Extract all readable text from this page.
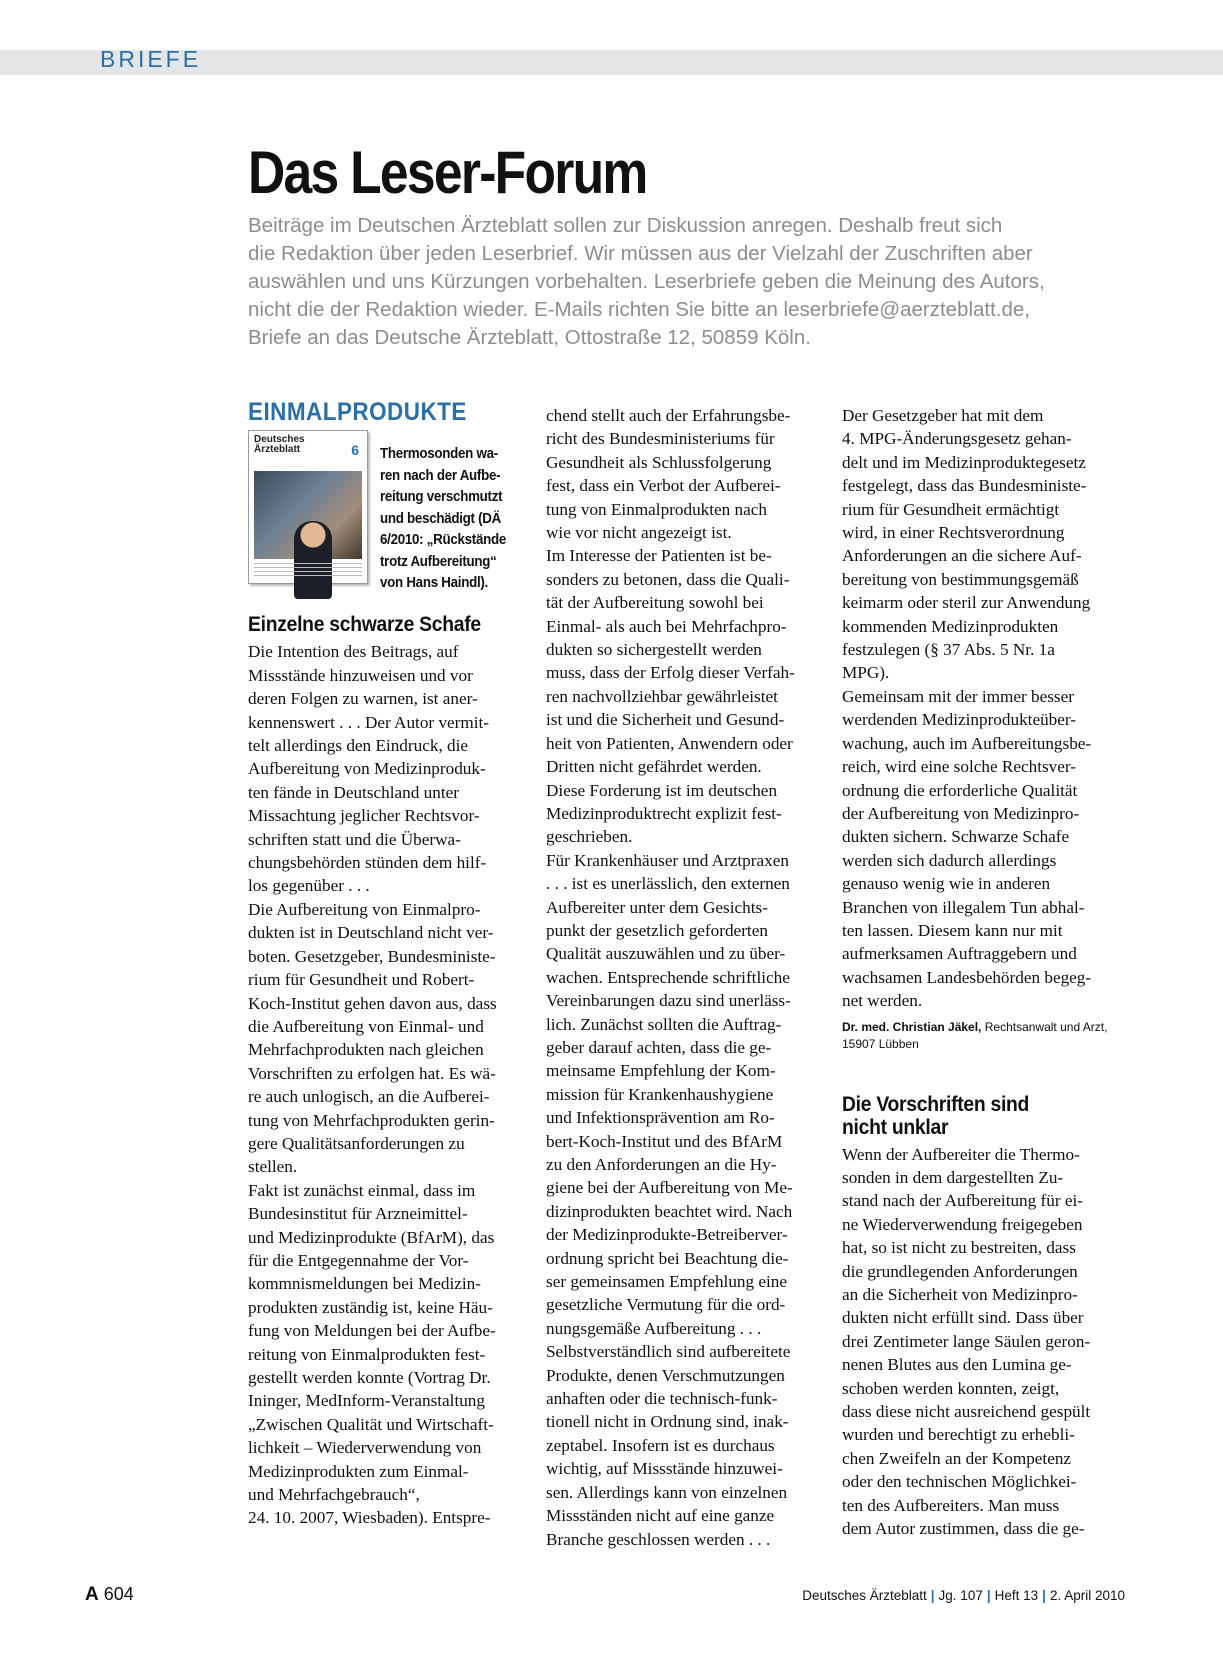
BRIEFE
Das Leser-Forum

Beiträge im Deutschen Ärzteblatt sollen zur Diskussion anregen. Deshalb freut sich
die Redaktion über jeden Leserbrief. Wir müssen aus der Vielzahl der Zuschriften aber
auswählen und uns Kürzungen vorbehalten. Leserbriefe geben die Meinung des Autors,
nicht die der Redaktion wieder. E-Mails richten Sie bitte an leserbriefe@aerzteblatt.de,
Briefe an das Deutsche Ärzteblatt, Ottostraße 12, 50859 Köln.

EINMALPRODUKTE
Deutsches
Ärzteblatt	6 Thermosonden wa-
ren nach der Aufbe-
reitung verschmutzt
und beschädigt (DÄ
6/2010: „Rückstände
trotz Aufbereitung“
von Hans Haindl).
Einzelne schwarze Schafe

Die Intention des Beitrags, auf
Missstände hinzuweisen und vor
deren Folgen zu warnen, ist aner-
kennenswert . . . Der Autor vermit-
telt allerdings den Eindruck, die
Aufbereitung von Medizinproduk-
ten fände in Deutschland unter
Missachtung jeglicher Rechtsvor-
schriften statt und die Überwa-
chungsbehörden stünden dem hilf-
los gegenüber . . .
Die Aufbereitung von Einmalpro-
dukten ist in Deutschland nicht ver-
boten. Gesetzgeber, Bundesministe-
rium für Gesundheit und Robert-
Koch-Institut gehen davon aus, dass
die Aufbereitung von Einmal- und
Mehrfachprodukten nach gleichen
Vorschriften zu erfolgen hat. Es wä-
re auch unlogisch, an die Aufberei-
tung von Mehrfachprodukten gerin-
gere Qualitätsanforderungen zu
stellen.
Fakt ist zunächst einmal, dass im
Bundesinstitut für Arzneimittel-
und Medizinprodukte (BfArM), das
für die Entgegennahme der Vor-
kommnismeldungen bei Medizin-
produkten zuständig ist, keine Häu-
fung von Meldungen bei der Aufbe-
reitung von Einmalprodukten fest-
gestellt werden konnte (Vortrag Dr.
Ininger, MedInform-Veranstaltung
„Zwischen Qualität und Wirtschaft-
lichkeit – Wiederverwendung von
Medizinprodukten zum Einmal-
und Mehrfachgebrauch“,
24. 10. 2007, Wiesbaden). Entspre-

chend stellt auch der Erfahrungsbe-
richt des Bundesministeriums für
Gesundheit als Schlussfolgerung
fest, dass ein Verbot der Aufberei-
tung von Einmalprodukten nach
wie vor nicht angezeigt ist.
Im Interesse der Patienten ist be-
sonders zu betonen, dass die Quali-
tät der Aufbereitung sowohl bei
Einmal- als auch bei Mehrfachpro-
dukten so sichergestellt werden
muss, dass der Erfolg dieser Verfah-
ren nachvollziehbar gewährleistet
ist und die Sicherheit und Gesund-
heit von Patienten, Anwendern oder
Dritten nicht gefährdet werden.
Diese Forderung ist im deutschen
Medizinproduktrecht explizit fest-
geschrieben.
Für Krankenhäuser und Arztpraxen
. . . ist es unerlässlich, den externen
Aufbereiter unter dem Gesichts-
punkt der gesetzlich geforderten
Qualität auszuwählen und zu über-
wachen. Entsprechende schriftliche
Vereinbarungen dazu sind unerläss-
lich. Zunächst sollten die Auftrag-
geber darauf achten, dass die ge-
meinsame Empfehlung der Kom-
mission für Krankenhaushygiene
und Infektionsprävention am Ro-
bert-Koch-Institut und des BfArM
zu den Anforderungen an die Hy-
giene bei der Aufbereitung von Me-
dizinprodukten beachtet wird. Nach
der Medizinprodukte-Betreiberver-
ordnung spricht bei Beachtung die-
ser gemeinsamen Empfehlung eine
gesetzliche Vermutung für die ord-
nungsgemäße Aufbereitung . . .
Selbstverständlich sind aufbereitete
Produkte, denen Verschmutzungen
anhaften oder die technisch-funk-
tionell nicht in Ordnung sind, inak-
zeptabel. Insofern ist es durchaus
wichtig, auf Missstände hinzuwei-
sen. Allerdings kann von einzelnen
Missständen nicht auf eine ganze
Branche geschlossen werden . . .

Der Gesetzgeber hat mit dem
4. MPG-Änderungsgesetz gehan-
delt und im Medizinproduktegesetz
festgelegt, dass das Bundesministe-
rium für Gesundheit ermächtigt
wird, in einer Rechtsverordnung
Anforderungen an die sichere Auf-
bereitung von bestimmungsgemäß
keimarm oder steril zur Anwendung
kommenden Medizinprodukten
festzulegen (§ 37 Abs. 5 Nr. 1a
MPG).
Gemeinsam mit der immer besser
werdenden Medizinprodukteüber-
wachung, auch im Aufbereitungsbe-
reich, wird eine solche Rechtsver-
ordnung die erforderliche Qualität
der Aufbereitung von Medizinpro-
dukten sichern. Schwarze Schafe
werden sich dadurch allerdings
genauso wenig wie in anderen
Branchen von illegalem Tun abhal-
ten lassen. Diesem kann nur mit
aufmerksamen Auftraggebern und
wachsamen Landesbehörden begeg-
net werden.

Dr. med. Christian Jäkel, Rechtsanwalt und Arzt,
15907 Lübben
Die Vorschriften sind
nicht unklar

Wenn der Aufbereiter die Thermo-
sonden in dem dargestellten Zu-
stand nach der Aufbereitung für ei-
ne Wiederverwendung freigegeben
hat, so ist nicht zu bestreiten, dass
die grundlegenden Anforderungen
an die Sicherheit von Medizinpro-
dukten nicht erfüllt sind. Dass über
drei Zentimeter lange Säulen geron-
nenen Blutes aus den Lumina ge-
schoben werden konnten, zeigt,
dass diese nicht ausreichend gespült
wurden und berechtigt zu erhebli-
chen Zweifeln an der Kompetenz
oder den technischen Möglichkei-
ten des Aufbereiters. Man muss
dem Autor zustimmen, dass die ge-

A 604	Deutsches Ärzteblatt | Jg. 107 | Heft 13 | 2. April 2010
